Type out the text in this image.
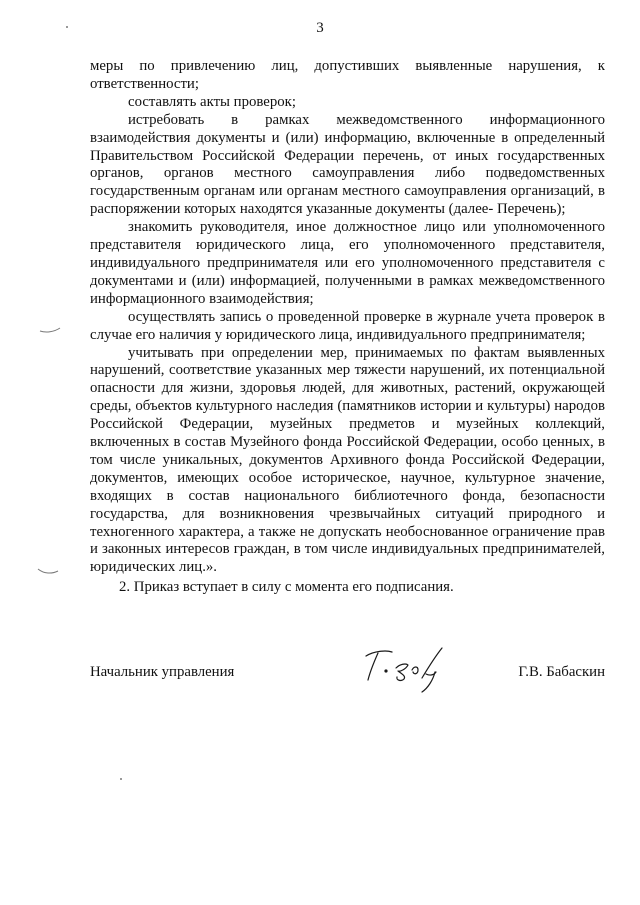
3

меры по привлечению лиц, допустивших выявленные нарушения, к ответственности;

составлять акты проверок;

истребовать в рамках межведомственного информационного взаимодействия документы и (или) информацию, включенные в определенный Правительством Российской Федерации перечень, от иных государственных органов, органов местного самоуправления либо подведомственных государственным органам или органам местного самоуправления организаций, в распоряжении которых находятся указанные документы (далее- Перечень);

знакомить руководителя, иное должностное лицо или уполномоченного представителя юридического лица, его уполномоченного представителя, индивидуального предпринимателя или его уполномоченного представителя с документами и (или) информацией, полученными в рамках межведомственного информационного взаимодействия;

осуществлять запись о проведенной проверке в журнале учета проверок в случае его наличия у юридического лица, индивидуального предпринимателя;

учитывать при определении мер, принимаемых по фактам выявленных нарушений, соответствие указанных мер тяжести нарушений, их потенциальной опасности для жизни, здоровья людей, для животных, растений, окружающей среды, объектов культурного наследия (памятников истории и культуры) народов Российской Федерации, музейных предметов и музейных коллекций, включенных в состав Музейного фонда Российской Федерации, особо ценных, в том числе уникальных, документов Архивного фонда Российской Федерации, документов, имеющих особое историческое, научное, культурное значение, входящих в состав национального библиотечного фонда, безопасности государства, для возникновения чрезвычайных ситуаций природного и техногенного характера, а также не допускать необоснованное ограничение прав и законных интересов граждан, в том числе индивидуальных предпринимателей, юридических лиц.».

2. Приказ вступает в силу с момента его подписания.

Начальник управления	Г.В. Бабаскин
